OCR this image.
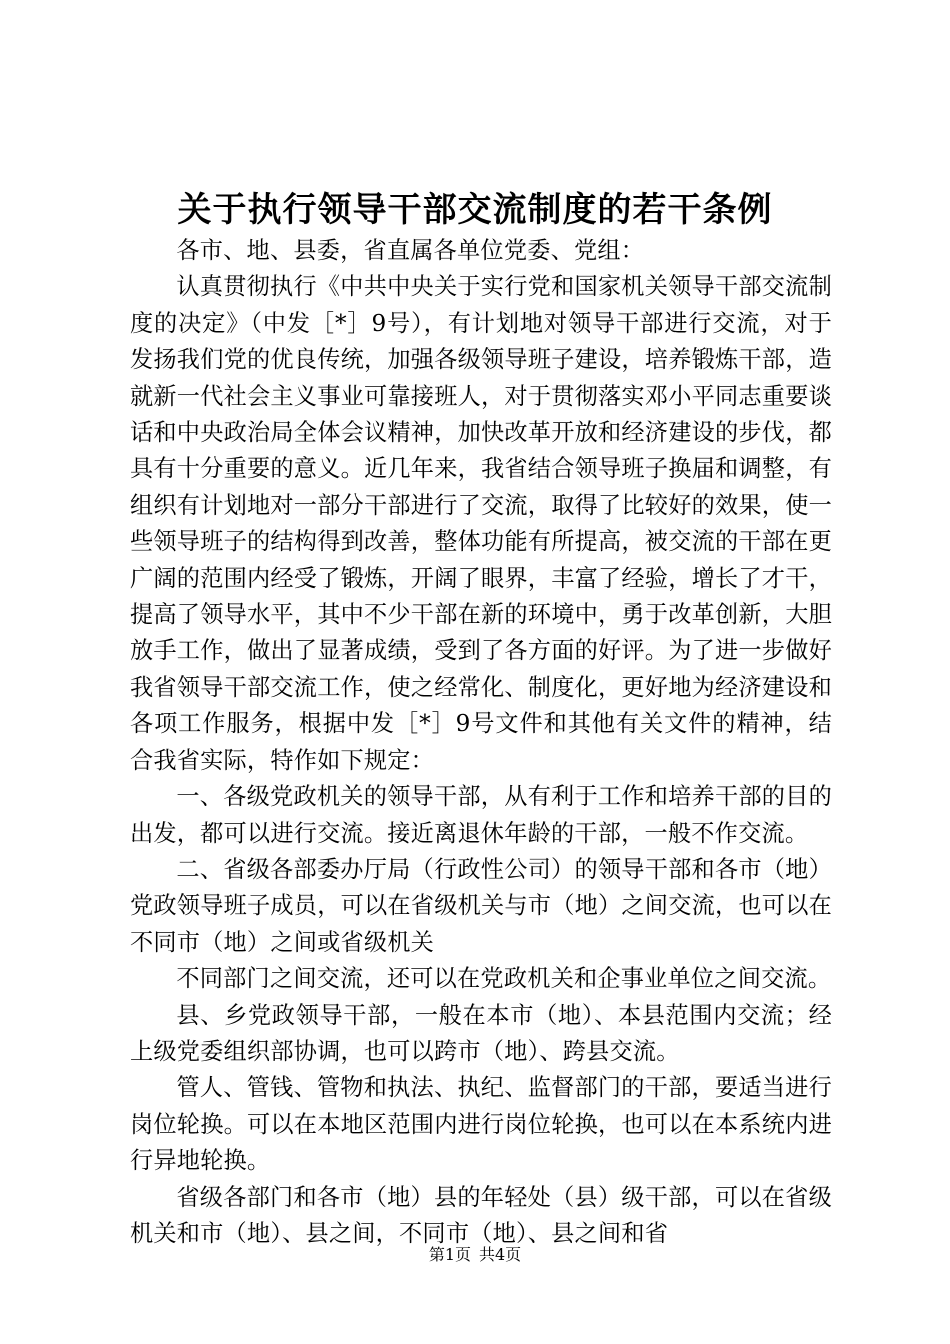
关于执行领导干部交流制度的若干条例

各市、地、县委，省直属各单位党委、党组：

认真贯彻执行《中共中央关于实行党和国家机关领导干部交流制度的决定》（中发［*］9号），有计划地对领导干部进行交流，对于发扬我们党的优良传统，加强各级领导班子建设，培养锻炼干部，造就新一代社会主义事业可靠接班人，对于贯彻落实邓小平同志重要谈话和中央政治局全体会议精神，加快改革开放和经济建设的步伐，都具有十分重要的意义。近几年来，我省结合领导班子换届和调整，有组织有计划地对一部分干部进行了交流，取得了比较好的效果，使一些领导班子的结构得到改善，整体功能有所提高，被交流的干部在更广阔的范围内经受了锻炼，开阔了眼界，丰富了经验，增长了才干，提高了领导水平，其中不少干部在新的环境中，勇于改革创新，大胆放手工作，做出了显著成绩，受到了各方面的好评。为了进一步做好我省领导干部交流工作，使之经常化、制度化，更好地为经济建设和各项工作服务，根据中发［*］9号文件和其他有关文件的精神，结合我省实际，特作如下规定：

一、各级党政机关的领导干部，从有利于工作和培养干部的目的出发，都可以进行交流。接近离退休年龄的干部，一般不作交流。

二、省级各部委办厅局（行政性公司）的领导干部和各市（地）党政领导班子成员，可以在省级机关与市（地）之间交流，也可以在不同市（地）之间或省级机关

不同部门之间交流，还可以在党政机关和企事业单位之间交流。

县、乡党政领导干部，一般在本市（地）、本县范围内交流；经上级党委组织部协调，也可以跨市（地）、跨县交流。

管人、管钱、管物和执法、执纪、监督部门的干部，要适当进行岗位轮换。可以在本地区范围内进行岗位轮换，也可以在本系统内进行异地轮换。

省级各部门和各市（地）县的年轻处（县）级干部，可以在省级机关和市（地）、县之间，不同市（地）、县之间和省

第1页 共4页
